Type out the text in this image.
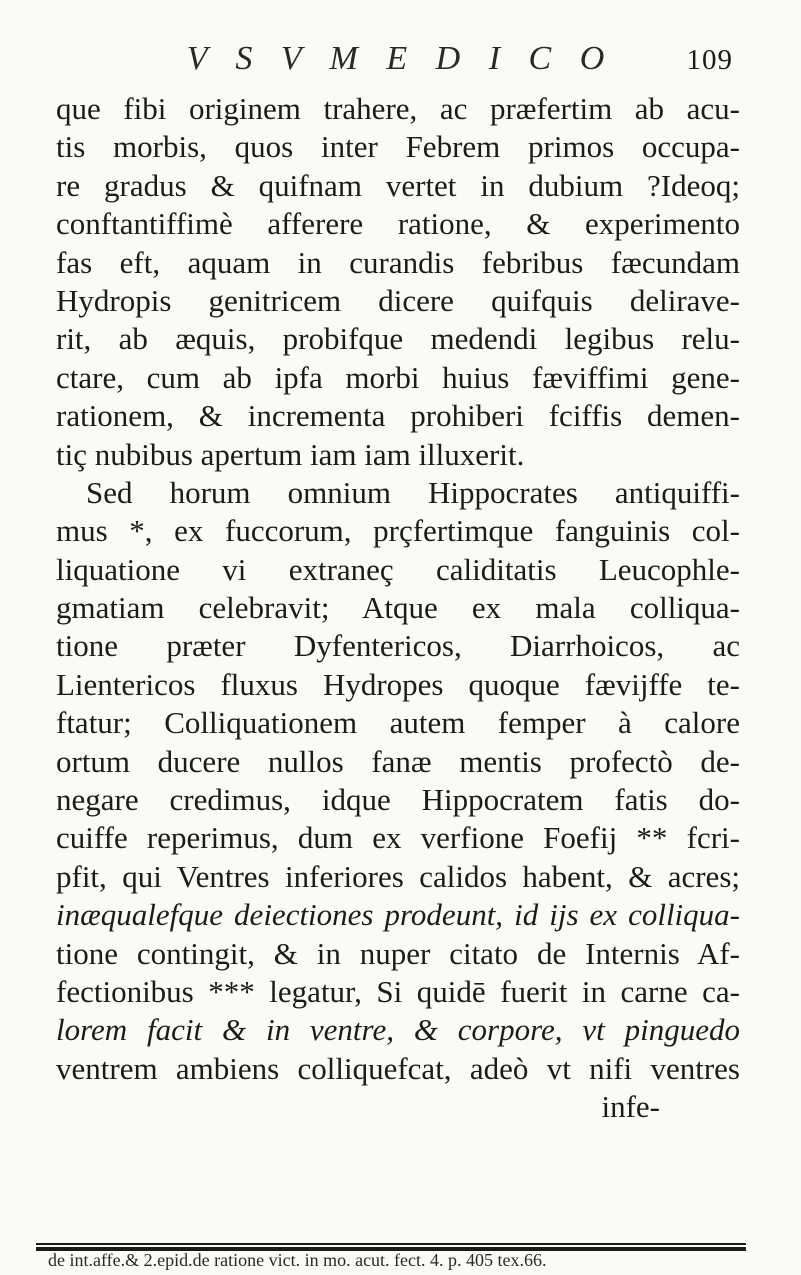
V S V M E D I C O	109
que fibi originem trahere, ac præfertim ab acu-
tis morbis, quos inter Febrem primos occupa-
re gradus & quifnam vertet in dubium ?Ideoq;
conftantiffimè afferere ratione, & experimento
fas eft, aquam in curandis febribus fæcundam
Hydropis genitricem dicere quifquis delirave-
rit, ab æquis, probifque medendi legibus relu-
ctare, cum ab ipfa morbi huius fæviffimi gene-
rationem, & incrementa prohiberi fciffis demen-
tiç nubibus apertum iam iam illuxerit.
Sed horum omnium Hippocrates antiquiffi-
mus *, ex fuccorum, prçfertimque fanguinis col-
liquatione vi extraneç caliditatis Leucophle-
gmatiam celebravit; Atque ex mala colliqua-
tione præter Dyfentericos, Diarrhoicos, ac
Lientericos fluxus Hydropes quoque fævijffe te-
ftatur; Colliquationem autem femper à calore
ortum ducere nullos fanæ mentis profectò de-
negare credimus, idque Hippocratem fatis do-
cuiffe reperimus, dum ex verfione Foefij ** fcri-
pfit, qui Ventres inferiores calidos habent, & acres;
inæqualefque deiectiones prodeunt, id ijs ex colliqua-
tione contingit, & in nuper citato de Internis Af-
fectionibus *** legatur, Si quidē fuerit in carne ca-
lorem facit & in ventre, & corpore, vt pinguedo
ventrem ambiens colliquefcat, adeò vt nifi ventres
infe-
de int.affe.& 2.epid.de ratione vict. in mo. acut. fect. 4. p. 405 tex.66.
